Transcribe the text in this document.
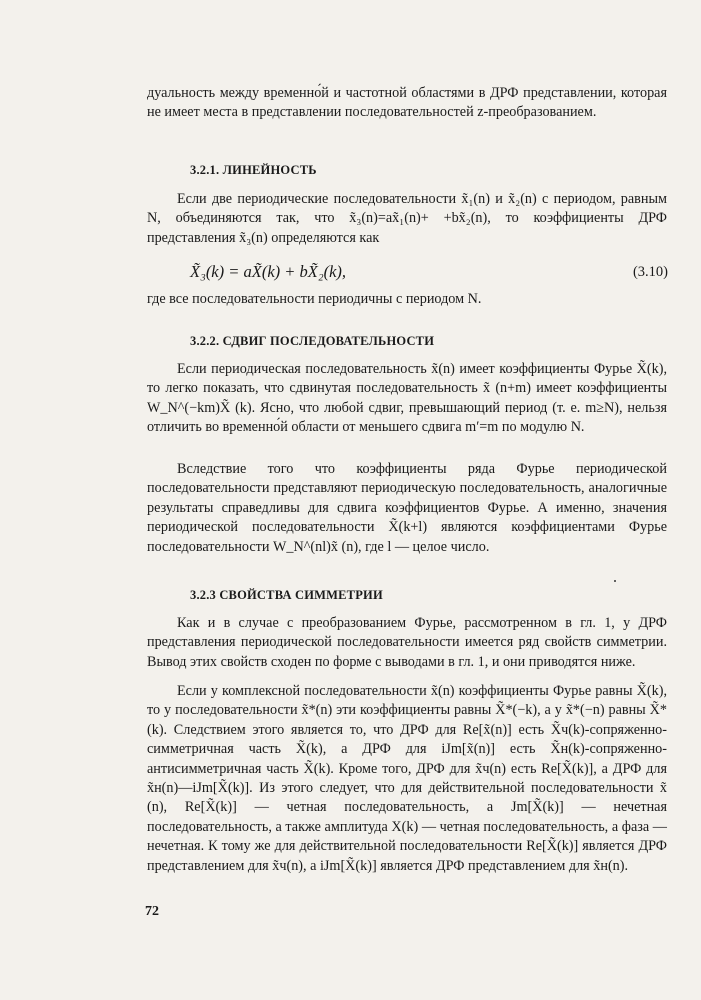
дуальность между временно́й и частотной областями в ДРФ представлении, которая не имеет места в представлении последовательностей z-преобразованием.
3.2.1. ЛИНЕЙНОСТЬ
Если две периодические последовательности x̃₁(n) и x̃₂(n) с периодом, равным N, объединяются так, что x̃₃(n)=ax̃₁(n)+ +bx̃₂(n), то коэффициенты ДРФ представления x̃₃(n) определяются как
X̃₃(k) = aX̃(k) + bX̃₂(k),	(3.10)
где все последовательности периодичны с периодом N.
3.2.2. СДВИГ ПОСЛЕДОВАТЕЛЬНОСТИ
Если периодическая последовательность x̃(n) имеет коэффициенты Фурье X̃(k), то легко показать, что сдвинутая последовательность x̃ (n+m) имеет коэффициенты W_N^(−km)X̃ (k). Ясно, что любой сдвиг, превышающий период (т. е. m≥N), нельзя отличить во временно́й области от меньшего сдвига m′=m по модулю N.
Вследствие того что коэффициенты ряда Фурье периодической последовательности представляют периодическую последовательность, аналогичные результаты справедливы для сдвига коэффициентов Фурье. А именно, значения периодической последовательности X̃(k+l) являются коэффициентами Фурье последовательности W_N^(nl)x̃ (n), где l — целое число.
3.2.3 СВОЙСТВА СИММЕТРИИ
Как и в случае с преобразованием Фурье, рассмотренном в гл. 1, у ДРФ представления периодической последовательности имеется ряд свойств симметрии. Вывод этих свойств сходен по форме с выводами в гл. 1, и они приводятся ниже.
Если у комплексной последовательности x̃(n) коэффициенты Фурье равны X̃(k), то у последовательности x̃*(n) эти коэффициенты равны X̃*(−k), а у x̃*(−n) равны X̃*(k). Следствием этого является то, что ДРФ для Re[x̃(n)] есть X̃ч(k)-сопряженно-симметричная часть X̃(k), а ДРФ для iJm[x̃(n)] есть X̃н(k)-сопряженно-антисимметричная часть X̃(k). Кроме того, ДРФ для x̃ч(n) есть Re[X̃(k)], а ДРФ для x̃н(n)—iJm[X̃(k)]. Из этого следует, что для действительной последовательности x̃ (n), Re[X̃(k)] — четная последовательность, а Jm[X̃(k)] — нечетная последовательность, а также амплитуда X(k) — четная последовательность, а фаза — нечетная. К тому же для действительной последовательности Re[X̃(k)] является ДРФ представлением для x̃ч(n), а iJm[X̃(k)] является ДРФ представлением для x̃н(n).
72
